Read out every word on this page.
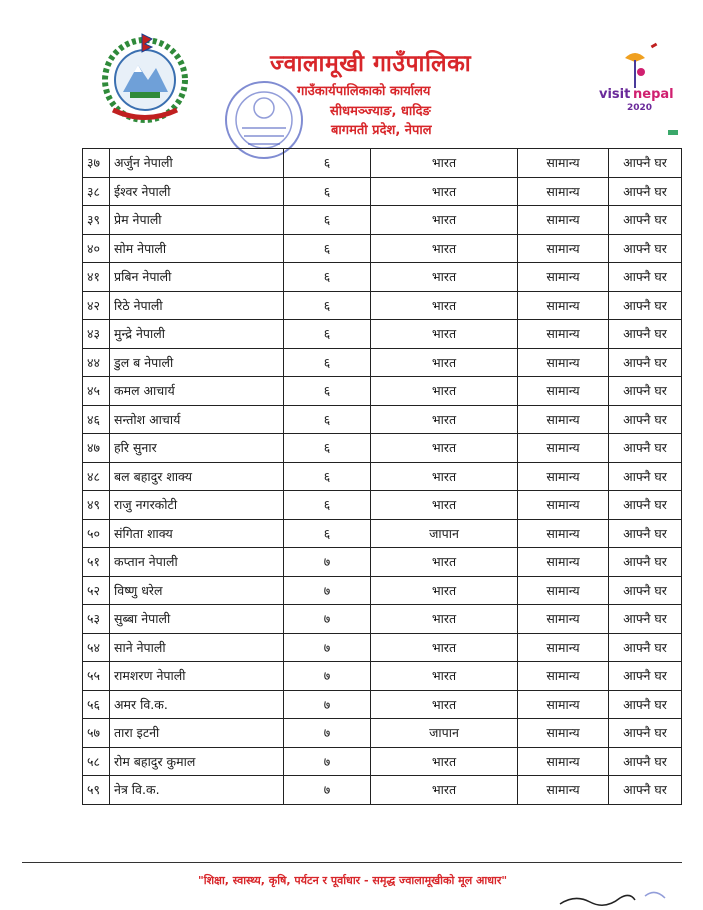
ज्वालामूखी गाउँपालिका
गाउँकार्यपालिकाको कार्यालय
सीधमञ्ज्याङ, धादिङ
बागमती प्रदेश, नेपाल
visit nepal
2020
३७	अर्जुन नेपाली	६	भारत	सामान्य	आफ्नै घर
३८	ईश्वर नेपाली	६	भारत	सामान्य	आफ्नै घर
३९	प्रेम नेपाली	६	भारत	सामान्य	आफ्नै घर
४०	सोम नेपाली	६	भारत	सामान्य	आफ्नै घर
४१	प्रबिन नेपाली	६	भारत	सामान्य	आफ्नै घर
४२	रिठे नेपाली	६	भारत	सामान्य	आफ्नै घर
४३	मुन्द्रे नेपाली	६	भारत	सामान्य	आफ्नै घर
४४	डुल ब नेपाली	६	भारत	सामान्य	आफ्नै घर
४५	कमल आचार्य	६	भारत	सामान्य	आफ्नै घर
४६	सन्तोश आचार्य	६	भारत	सामान्य	आफ्नै घर
४७	हरि सुनार	६	भारत	सामान्य	आफ्नै घर
४८	बल बहादुर शाक्य	६	भारत	सामान्य	आफ्नै घर
४९	राजु नगरकोटी	६	भारत	सामान्य	आफ्नै घर
५०	संगिता शाक्य	६	जापान	सामान्य	आफ्नै घर
५१	कप्तान नेपाली	७	भारत	सामान्य	आफ्नै घर
५२	विष्णु धरेल	७	भारत	सामान्य	आफ्नै घर
५३	सुब्बा नेपाली	७	भारत	सामान्य	आफ्नै घर
५४	साने नेपाली	७	भारत	सामान्य	आफ्नै घर
५५	रामशरण नेपाली	७	भारत	सामान्य	आफ्नै घर
५६	अमर वि.क.	७	भारत	सामान्य	आफ्नै घर
५७	तारा इटनी	७	जापान	सामान्य	आफ्नै घर
५८	रोम बहादुर कुमाल	७	भारत	सामान्य	आफ्नै घर
५९	नेत्र वि.क.	७	भारत	सामान्य	आफ्नै घर
"शिक्षा, स्वास्थ्य, कृषि, पर्यटन र पूर्वाधार - समृद्ध ज्वालामूखीको मूल आधार"
